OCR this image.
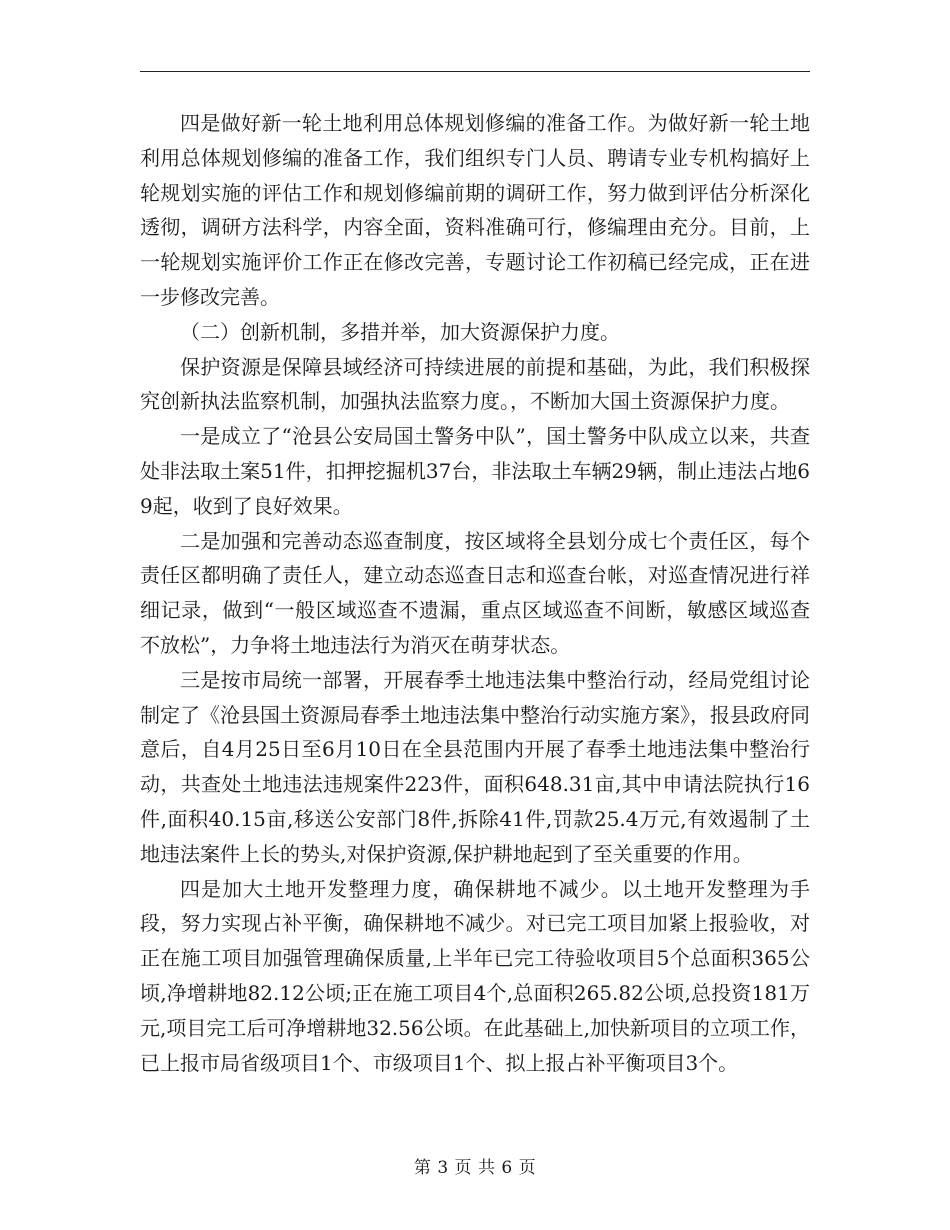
四是做好新一轮土地利用总体规划修编的准备工作。为做好新一轮土地利用总体规划修编的准备工作，我们组织专门人员、聘请专业专机构搞好上轮规划实施的评估工作和规划修编前期的调研工作，努力做到评估分析深化透彻，调研方法科学，内容全面，资料准确可行，修编理由充分。目前，上一轮规划实施评价工作正在修改完善，专题讨论工作初稿已经完成，正在进一步修改完善。

（二）创新机制，多措并举，加大资源保护力度。

保护资源是保障县域经济可持续进展的前提和基础，为此，我们积极探究创新执法监察机制，加强执法监察力度。，不断加大国土资源保护力度。

一是成立了“沧县公安局国土警务中队”，国土警务中队成立以来，共查处非法取土案51件，扣押挖掘机37台，非法取土车辆29辆，制止违法占地69起，收到了良好效果。

二是加强和完善动态巡查制度，按区域将全县划分成七个责任区，每个责任区都明确了责任人，建立动态巡查日志和巡查台帐，对巡查情况进行祥细记录，做到“一般区域巡查不遗漏，重点区域巡查不间断，敏感区域巡查不放松”，力争将土地违法行为消灭在萌芽状态。

三是按市局统一部署，开展春季土地违法集中整治行动，经局党组讨论制定了《沧县国土资源局春季土地违法集中整治行动实施方案》，报县政府同意后，自4月25日至6月10日在全县范围内开展了春季土地违法集中整治行动，共查处土地违法违规案件223件，面积648.31亩,其中申请法院执行16件,面积40.15亩,移送公安部门8件,拆除41件,罚款25.4万元,有效遏制了土地违法案件上长的势头,对保护资源,保护耕地起到了至关重要的作用。

四是加大土地开发整理力度，确保耕地不减少。以土地开发整理为手段，努力实现占补平衡，确保耕地不减少。对已完工项目加紧上报验收，对正在施工项目加强管理确保质量,上半年已完工待验收项目5个总面积365公顷,净增耕地82.12公顷;正在施工项目4个,总面积265.82公顷,总投资181万元,项目完工后可净增耕地32.56公顷。在此基础上,加快新项目的立项工作，已上报市局省级项目1个、市级项目1个、拟上报占补平衡项目3个。

第 3 页 共 6 页
